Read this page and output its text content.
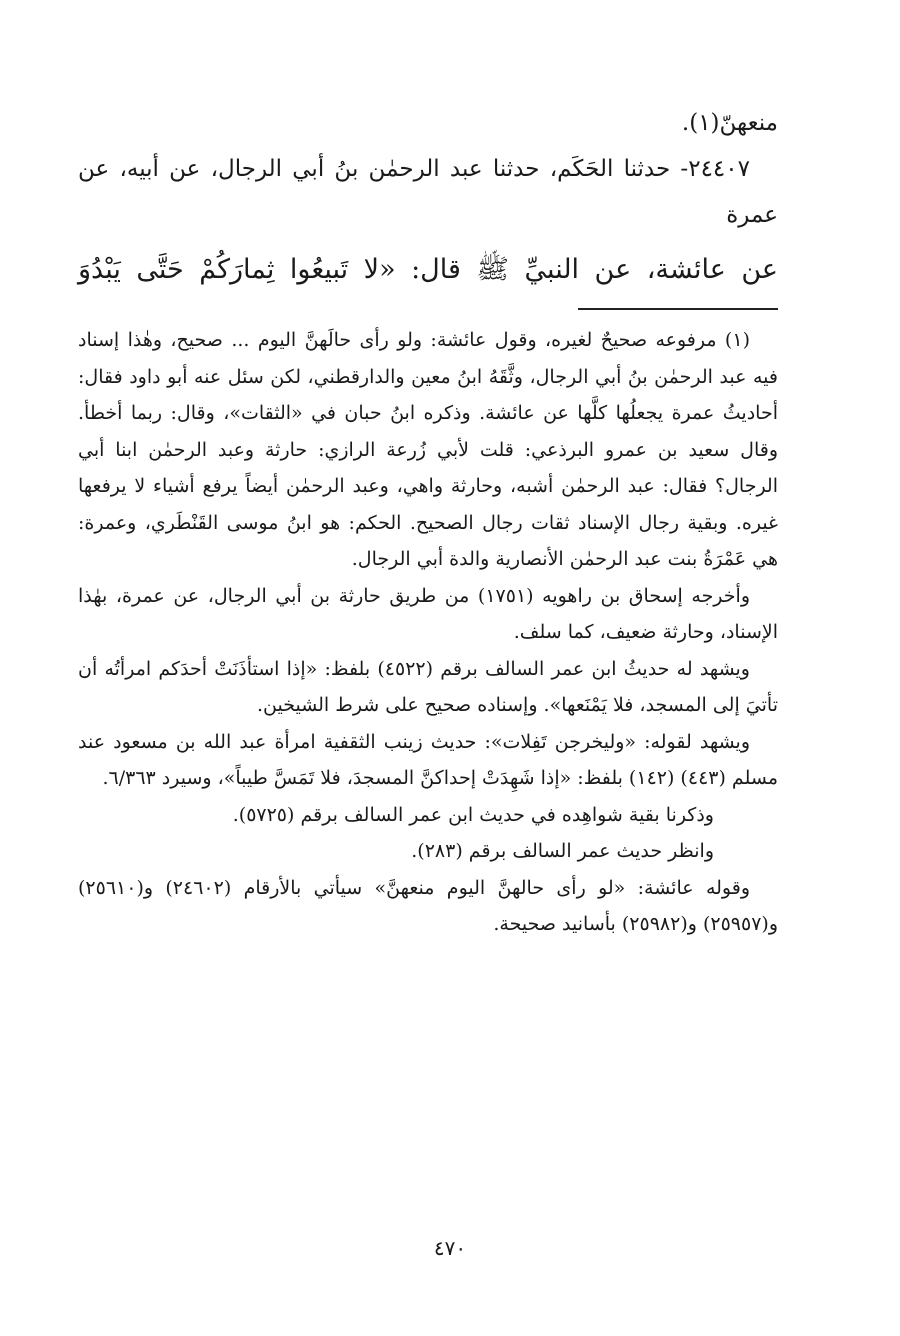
منعهنّ(١).

٢٤٤٠٧- حدثنا الحَكَم، حدثنا عبد الرحمٰن بنُ أبي الرجال، عن أبيه، عن عمرة

عن عائشة، عن النبيِّ ﷺ قال: «لا تَبيعُوا ثِمارَكُمْ حَتَّى يَبْدُوَ

(١) مرفوعه صحيحٌ لغيره، وقول عائشة: ولو رأى حالَهنَّ اليوم ... صحيح، وهٰذا إسناد فيه عبد الرحمٰن بنُ أبي الرجال، وثَّقَهُ ابنُ معين والدارقطني، لكن سئل عنه أبو داود فقال: أحاديثُ عمرة يجعلُها كلَّها عن عائشة. وذكره ابنُ حبان في «الثقات»، وقال: ربما أخطأ. وقال سعيد بن عمرو البرذعي: قلت لأبي زُرعة الرازي: حارثة وعبد الرحمٰن ابنا أبي الرجال؟ فقال: عبد الرحمٰن أشبه، وحارثة واهي، وعبد الرحمٰن أيضاً يرفع أشياء لا يرفعها غيره. وبقية رجال الإسناد ثقات رجال الصحيح. الحكم: هو ابنُ موسى القَنْطَري، وعمرة: هي عَمْرَةُ بنت عبد الرحمٰن الأنصارية والدة أبي الرجال.

وأخرجه إسحاق بن راهويه (١٧٥١) من طريق حارثة بن أبي الرجال، عن عمرة، بهٰذا الإسناد، وحارثة ضعيف، كما سلف.

ويشهد له حديثُ ابن عمر السالف برقم (٤٥٢٢) بلفظ: «إذا استأذَنَتْ أحدَكم امرأتُه أن تأتيَ إلى المسجد، فلا يَمْنَعها». وإسناده صحيح على شرط الشيخين.

ويشهد لقوله: «وليخرجن تَفِلات»: حديث زينب الثقفية امرأة عبد الله بن مسعود عند مسلم (٤٤٣) (١٤٢) بلفظ: «إذا شَهِدَتْ إحداكنَّ المسجدَ، فلا تَمَسَّ طيباً»، وسيرد ٦/٣٦٣.

وذكرنا بقية شواهِده في حديث ابن عمر السالف برقم (٥٧٢٥).

وانظر حديث عمر السالف برقم (٢٨٣).

وقوله عائشة: «لو رأى حالهنَّ اليوم منعهنَّ» سيأتي بالأرقام (٢٤٦٠٢) و(٢٥٦١٠) و(٢٥٩٥٧) و(٢٥٩٨٢) بأسانيد صحيحة.

٤٧٠
